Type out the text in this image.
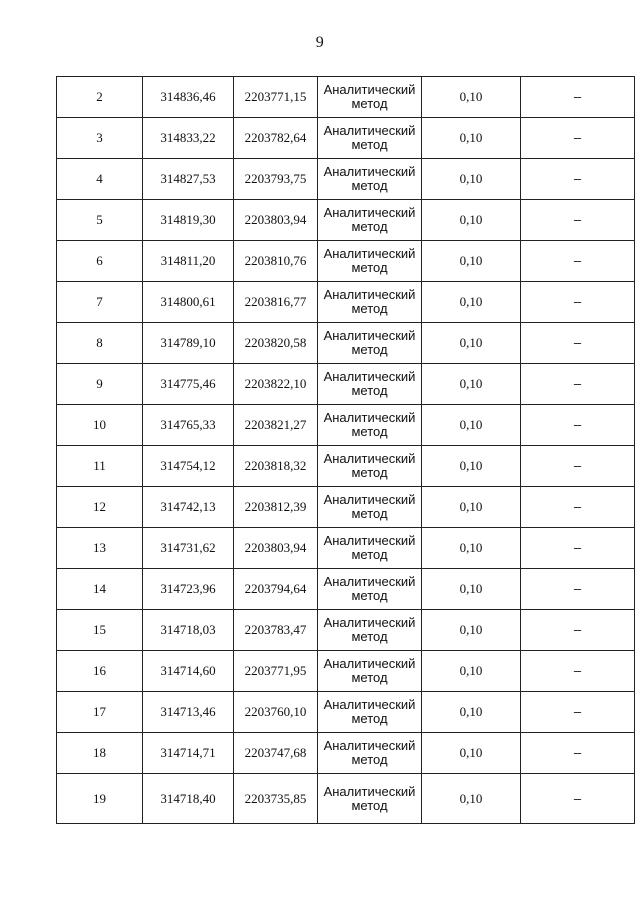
9
2	314836,46	2203771,15	Аналитический
метод	0,10	–
3	314833,22	2203782,64	Аналитический
метод	0,10	–
4	314827,53	2203793,75	Аналитический
метод	0,10	–
5	314819,30	2203803,94	Аналитический
метод	0,10	–
6	314811,20	2203810,76	Аналитический
метод	0,10	–
7	314800,61	2203816,77	Аналитический
метод	0,10	–
8	314789,10	2203820,58	Аналитический
метод	0,10	–
9	314775,46	2203822,10	Аналитический
метод	0,10	–
10	314765,33	2203821,27	Аналитический
метод	0,10	–
11	314754,12	2203818,32	Аналитический
метод	0,10	–
12	314742,13	2203812,39	Аналитический
метод	0,10	–
13	314731,62	2203803,94	Аналитический
метод	0,10	–
14	314723,96	2203794,64	Аналитический
метод	0,10	–
15	314718,03	2203783,47	Аналитический
метод	0,10	–
16	314714,60	2203771,95	Аналитический
метод	0,10	–
17	314713,46	2203760,10	Аналитический
метод	0,10	–
18	314714,71	2203747,68	Аналитический
метод	0,10	–
19	314718,40	2203735,85	Аналитический
метод	0,10	–
